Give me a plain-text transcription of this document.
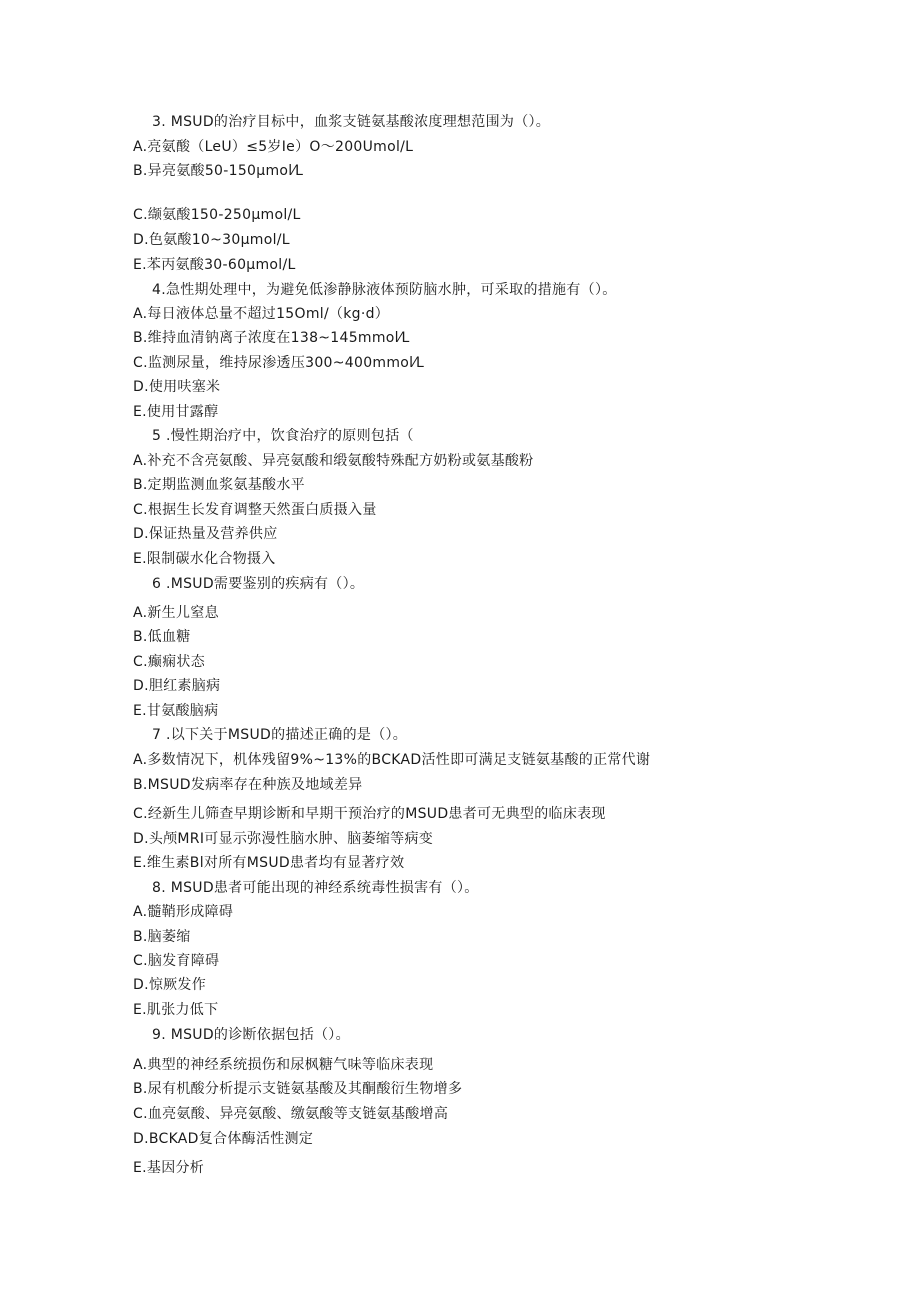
3. MSUD的治疗目标中，血浆支链氨基酸浓度理想范围为（）。
A.亮氨酸（LeU）≤5岁Ie）O～200Umol/L
B.异亮氨酸50-150μmol⁄L
C.缬氨酸150-250μmol/L
D.色氨酸10~30μmol/L
E.苯丙氨酸30-60μmol/L
4.急性期处理中，为避免低渗静脉液体预防脑水肿，可采取的措施有（）。
A.每日液体总量不超过15Oml/（kg·d）
B.维持血清钠离子浓度在138~145mmol⁄L
C.监测尿量，维持尿渗透压300~400mmol⁄L
D.使用呋塞米
E.使用甘露醇
5 .慢性期治疗中，饮食治疗的原则包括（
A.补充不含亮氨酸、异亮氨酸和缎氨酸特殊配方奶粉或氨基酸粉
B.定期监测血浆氨基酸水平
C.根据生长发育调整天然蛋白质摄入量
D.保证热量及营养供应
E.限制碳水化合物摄入
6 .MSUD需要鉴别的疾病有（）。
A.新生儿窒息
B.低血糖
C.癫痫状态
D.胆红素脑病
E.甘氨酸脑病
7 .以下关于MSUD的描述正确的是（）。
A.多数情况下，机体残留9%~13%的BCKAD活性即可满足支链氨基酸的正常代谢
B.MSUD发病率存在种族及地域差异
C.经新生儿筛查早期诊断和早期干预治疗的MSUD患者可无典型的临床表现
D.头颅MRI可显示弥漫性脑水肿、脑萎缩等病变
E.维生素Bl对所有MSUD患者均有显著疗效
8. MSUD患者可能出现的神经系统毒性损害有（）。
A.髓鞘形成障碍
B.脑萎缩
C.脑发育障碍
D.惊厥发作
E.肌张力低下
9. MSUD的诊断依据包括（）。
A.典型的神经系统损伤和尿枫糖气味等临床表现
B.尿有机酸分析提示支链氨基酸及其酮酸衍生物增多
C.血亮氨酸、异亮氨酸、缴氨酸等支链氨基酸增高
D.BCKAD复合体酶活性测定
E.基因分析
